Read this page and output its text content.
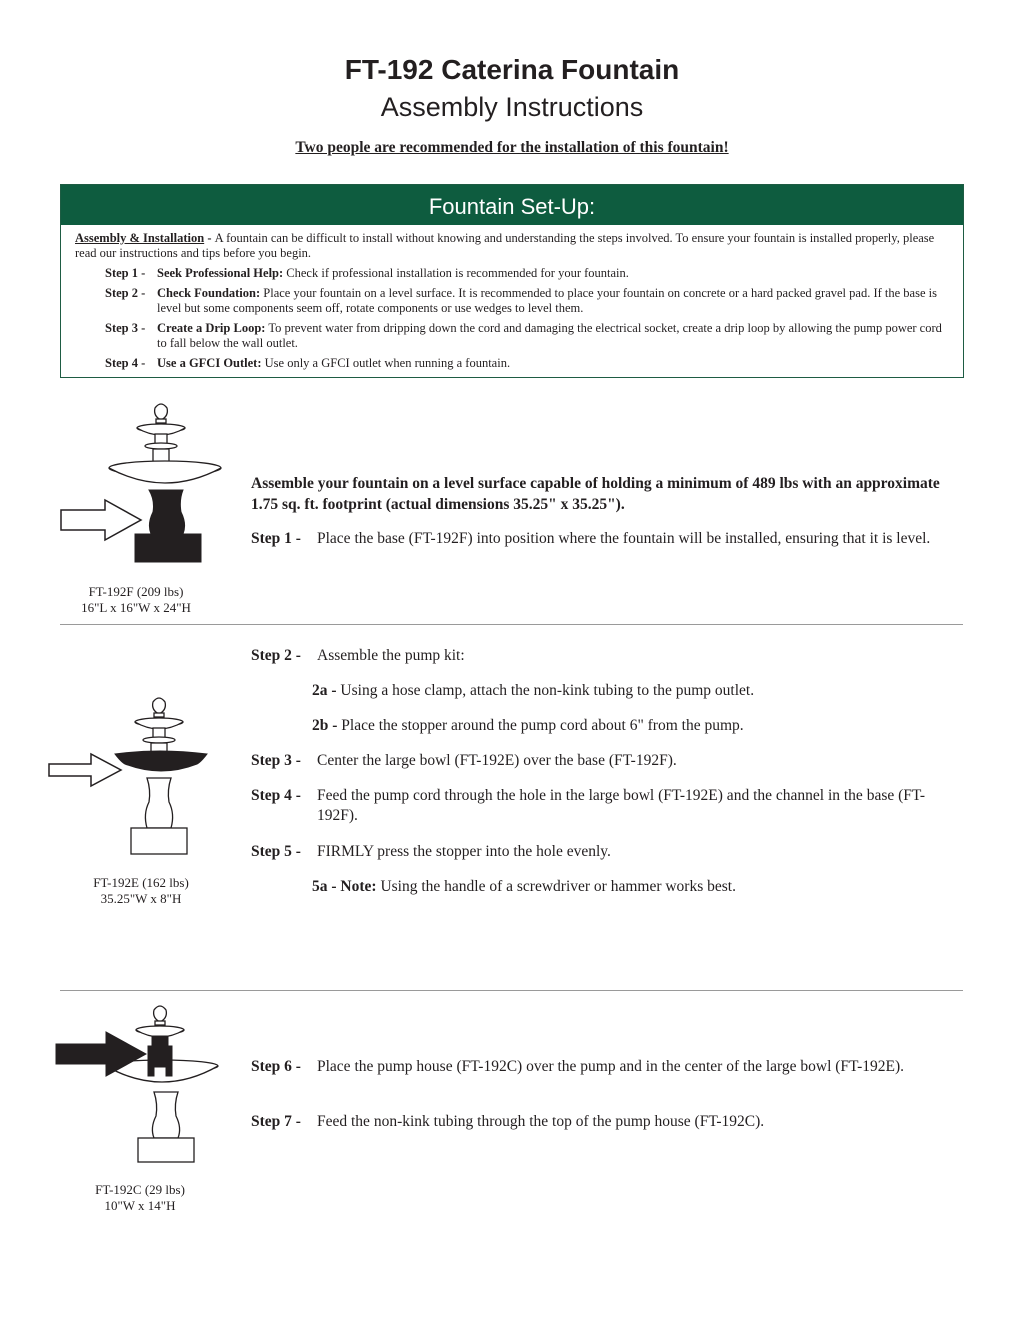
FT-192 Caterina Fountain
Assembly Instructions
Two people are recommended for the installation of this fountain!
Fountain Set-Up:

Assembly & Installation - A fountain can be difficult to install without knowing and understanding the steps involved. To ensure your fountain is installed properly, please read our instructions and tips before you begin.

Step 1 - Seek Professional Help: Check if professional installation is recommended for your fountain.
Step 2 - Check Foundation: Place your fountain on a level surface. It is recommended to place your fountain on concrete or a hard packed gravel pad. If the base is level but some components seem off, rotate components or use wedges to level them.
Step 3 - Create a Drip Loop: To prevent water from dripping down the cord and damaging the electrical socket, create a drip loop by allowing the pump power cord to fall below the wall outlet.
Step 4 - Use a GFCI Outlet: Use only a GFCI outlet when running a fountain.
FT-192F (209 lbs)
16"L x 16"W x 24"H
Assemble your fountain on a level surface capable of holding a minimum of 489 lbs with an approximate 1.75 sq. ft. footprint (actual dimensions 35.25" x 35.25").
Step 1 -	Place the base (FT-192F) into position where the fountain will be installed, ensuring that it is level.
FT-192E (162 lbs)
35.25"W x 8"H
Step 2 -	Assemble the pump kit:
2a - Using a hose clamp, attach the non-kink tubing to the pump outlet.
2b - Place the stopper around the pump cord about 6" from the pump.
Step 3 -	Center the large bowl (FT-192E) over the base (FT-192F).
Step 4 -	Feed the pump cord through the hole in the large bowl (FT-192E) and the channel in the base (FT-192F).
Step 5 -	FIRMLY press the stopper into the hole evenly.
5a - Note: Using the handle of a screwdriver or hammer works best.
FT-192C (29 lbs)
10"W x 14"H
Step 6 -	Place the pump house (FT-192C) over the pump and in the center of the large bowl (FT-192E).
Step 7 -	Feed the non-kink tubing through the top of the pump house (FT-192C).
